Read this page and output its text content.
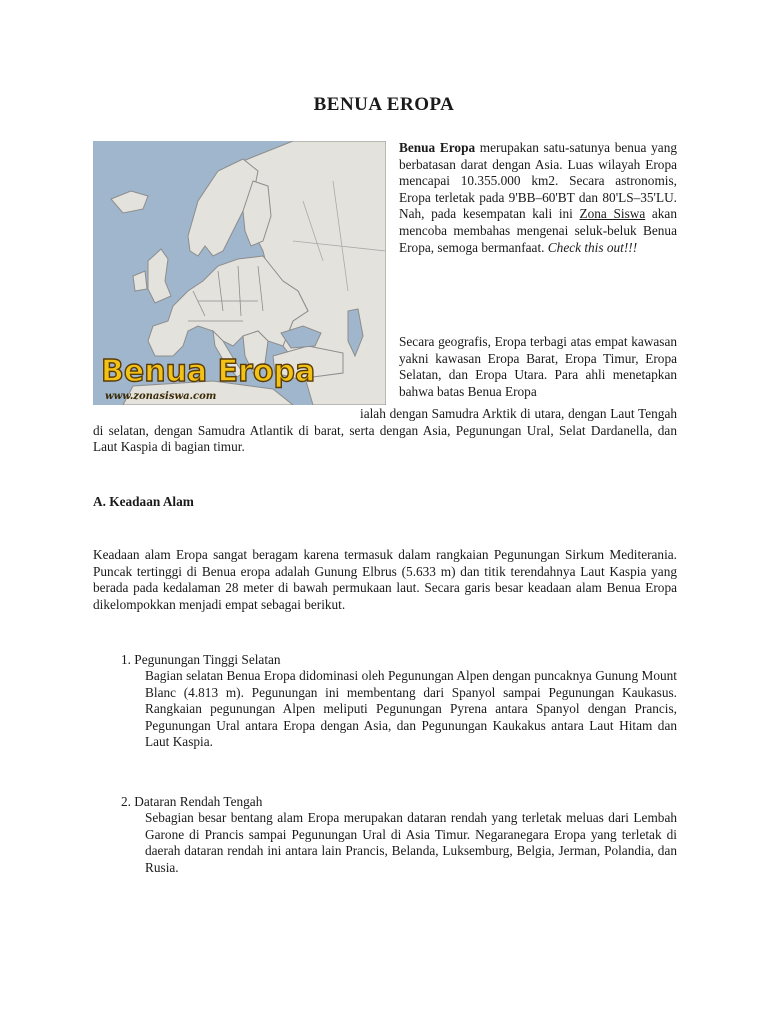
BENUA EROPA
Benua Eropa
www.zonasiswa.com

Benua Eropa merupakan satu-satunya benua yang berbatasan darat dengan Asia. Luas wilayah Eropa mencapai 10.355.000 km2. Secara astronomis, Eropa terletak pada 9'BB–60'BT dan 80'LS–35'LU. Nah, pada kesempatan kali ini Zona Siswa akan mencoba membahas mengenai seluk-beluk Benua Eropa, semoga bermanfaat. Check this out!!!

Secara geografis, Eropa terbagi atas empat kawasan yakni kawasan Eropa Barat, Eropa Timur, Eropa Selatan, dan Eropa Utara. Para ahli menetapkan bahwa batas Benua Eropa

ialah dengan Samudra Arktik di utara, dengan Laut Tengah di selatan, dengan Samudra Atlantik di barat, serta dengan Asia, Pegunungan Ural, Selat Dardanella, dan Laut Kaspia di bagian timur.

A. Keadaan Alam

Keadaan alam Eropa sangat beragam karena termasuk dalam rangkaian Pegunungan Sirkum Mediterania. Puncak tertinggi di Benua eropa adalah Gunung Elbrus (5.633 m) dan titik terendahnya Laut Kaspia yang berada pada kedalaman 28 meter di bawah permukaan laut. Secara garis besar keadaan alam Benua Eropa dikelompokkan menjadi empat sebagai berikut.

1. Pegunungan Tinggi Selatan

Bagian selatan Benua Eropa didominasi oleh Pegunungan Alpen dengan puncaknya Gunung Mount Blanc (4.813 m). Pegunungan ini membentang dari Spanyol sampai Pegunungan Kaukasus. Rangkaian pegunungan Alpen meliputi Pegunungan Pyrena antara Spanyol dengan Prancis, Pegunungan Ural antara Eropa dengan Asia, dan Pegunungan Kaukakus antara Laut Hitam dan Laut Kaspia.

2. Dataran Rendah Tengah

Sebagian besar bentang alam Eropa merupakan dataran rendah yang terletak meluas dari Lembah Garone di Prancis sampai Pegunungan Ural di Asia Timur. Negaranegara Eropa yang terletak di daerah dataran rendah ini antara lain Prancis, Belanda, Luksemburg, Belgia, Jerman, Polandia, dan Rusia.
